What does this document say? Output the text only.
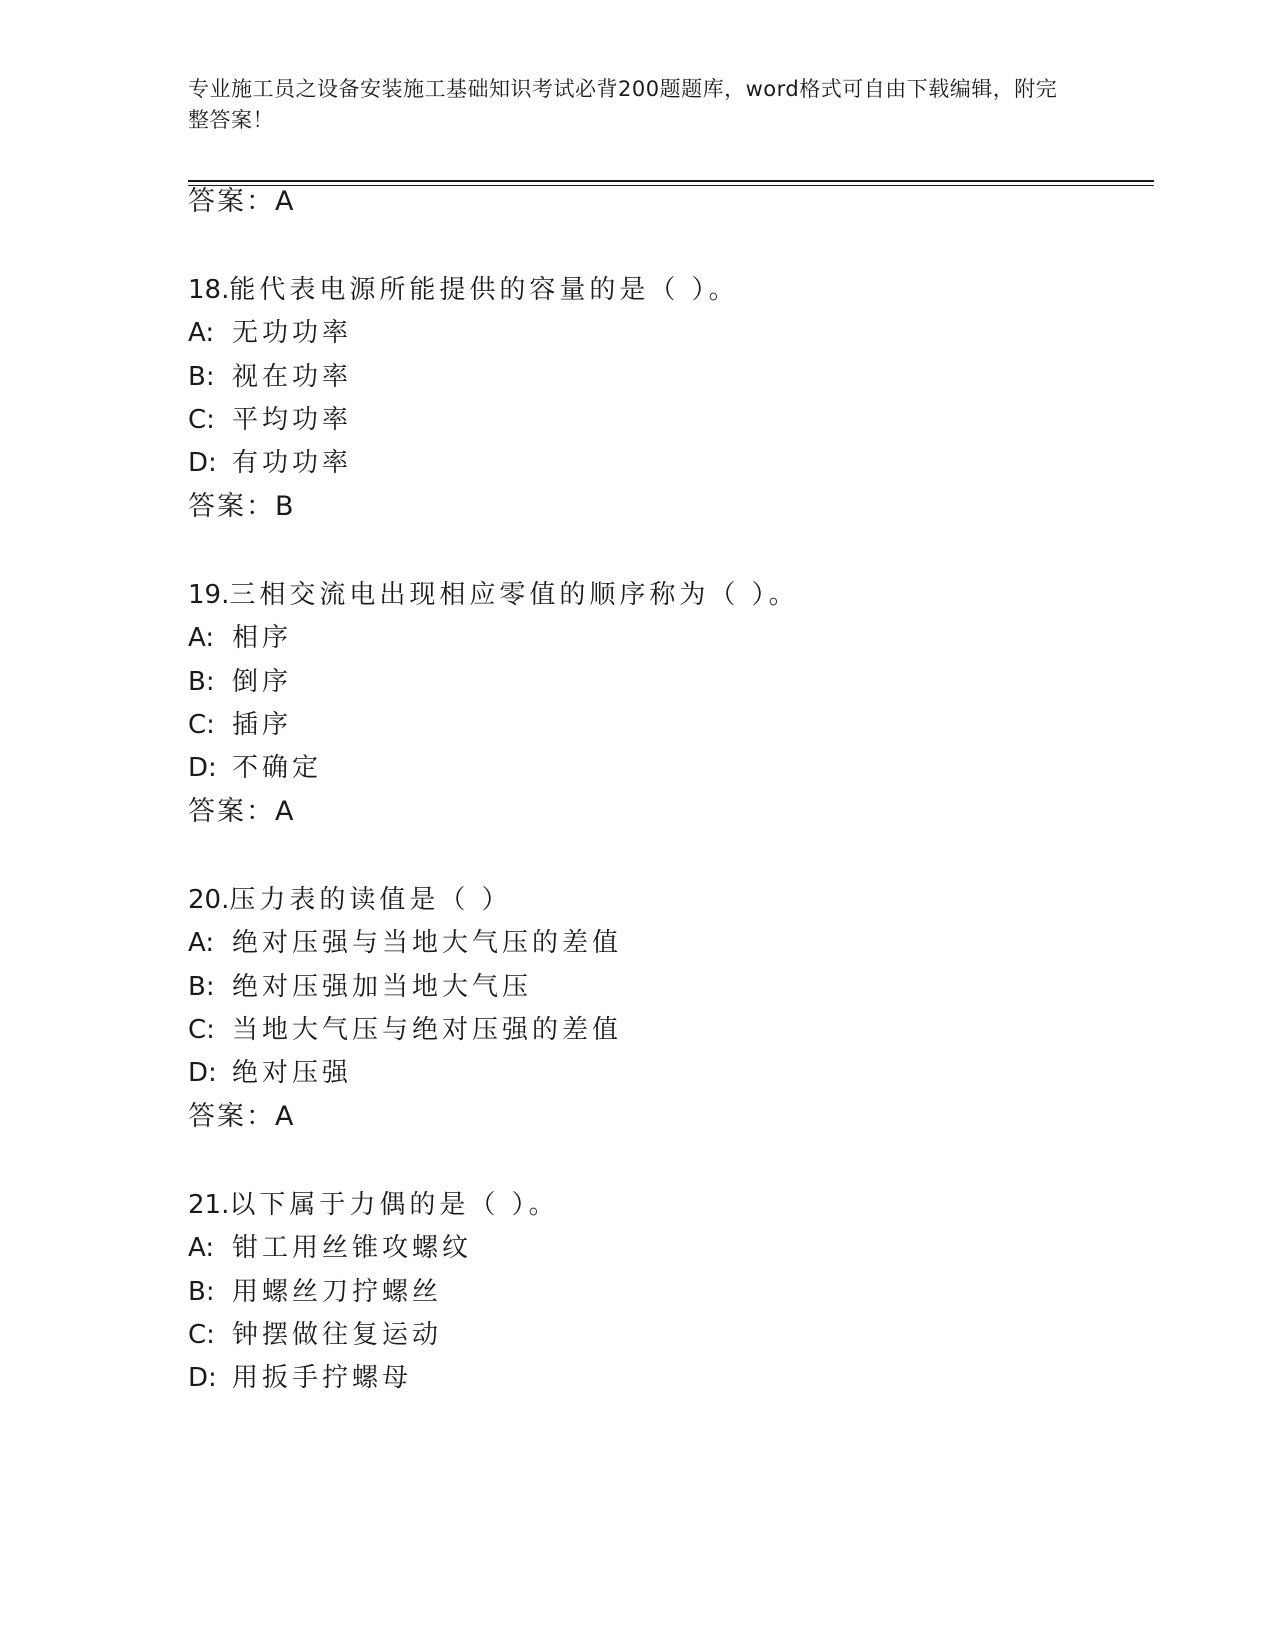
专业施工员之设备安装施工基础知识考试必背200题题库，word格式可自由下载编辑，附完整答案！
答案：A
18.能代表电源所能提供的容量的是（ ）。
A: 无功功率
B: 视在功率
C: 平均功率
D: 有功功率
答案：B
19.三相交流电出现相应零值的顺序称为（ ）。
A: 相序
B: 倒序
C: 插序
D: 不确定
答案：A
20.压力表的读值是（ ）
A: 绝对压强与当地大气压的差值
B: 绝对压强加当地大气压
C: 当地大气压与绝对压强的差值
D: 绝对压强
答案：A
21.以下属于力偶的是（ ）。
A: 钳工用丝锥攻螺纹
B: 用螺丝刀拧螺丝
C: 钟摆做往复运动
D: 用扳手拧螺母
